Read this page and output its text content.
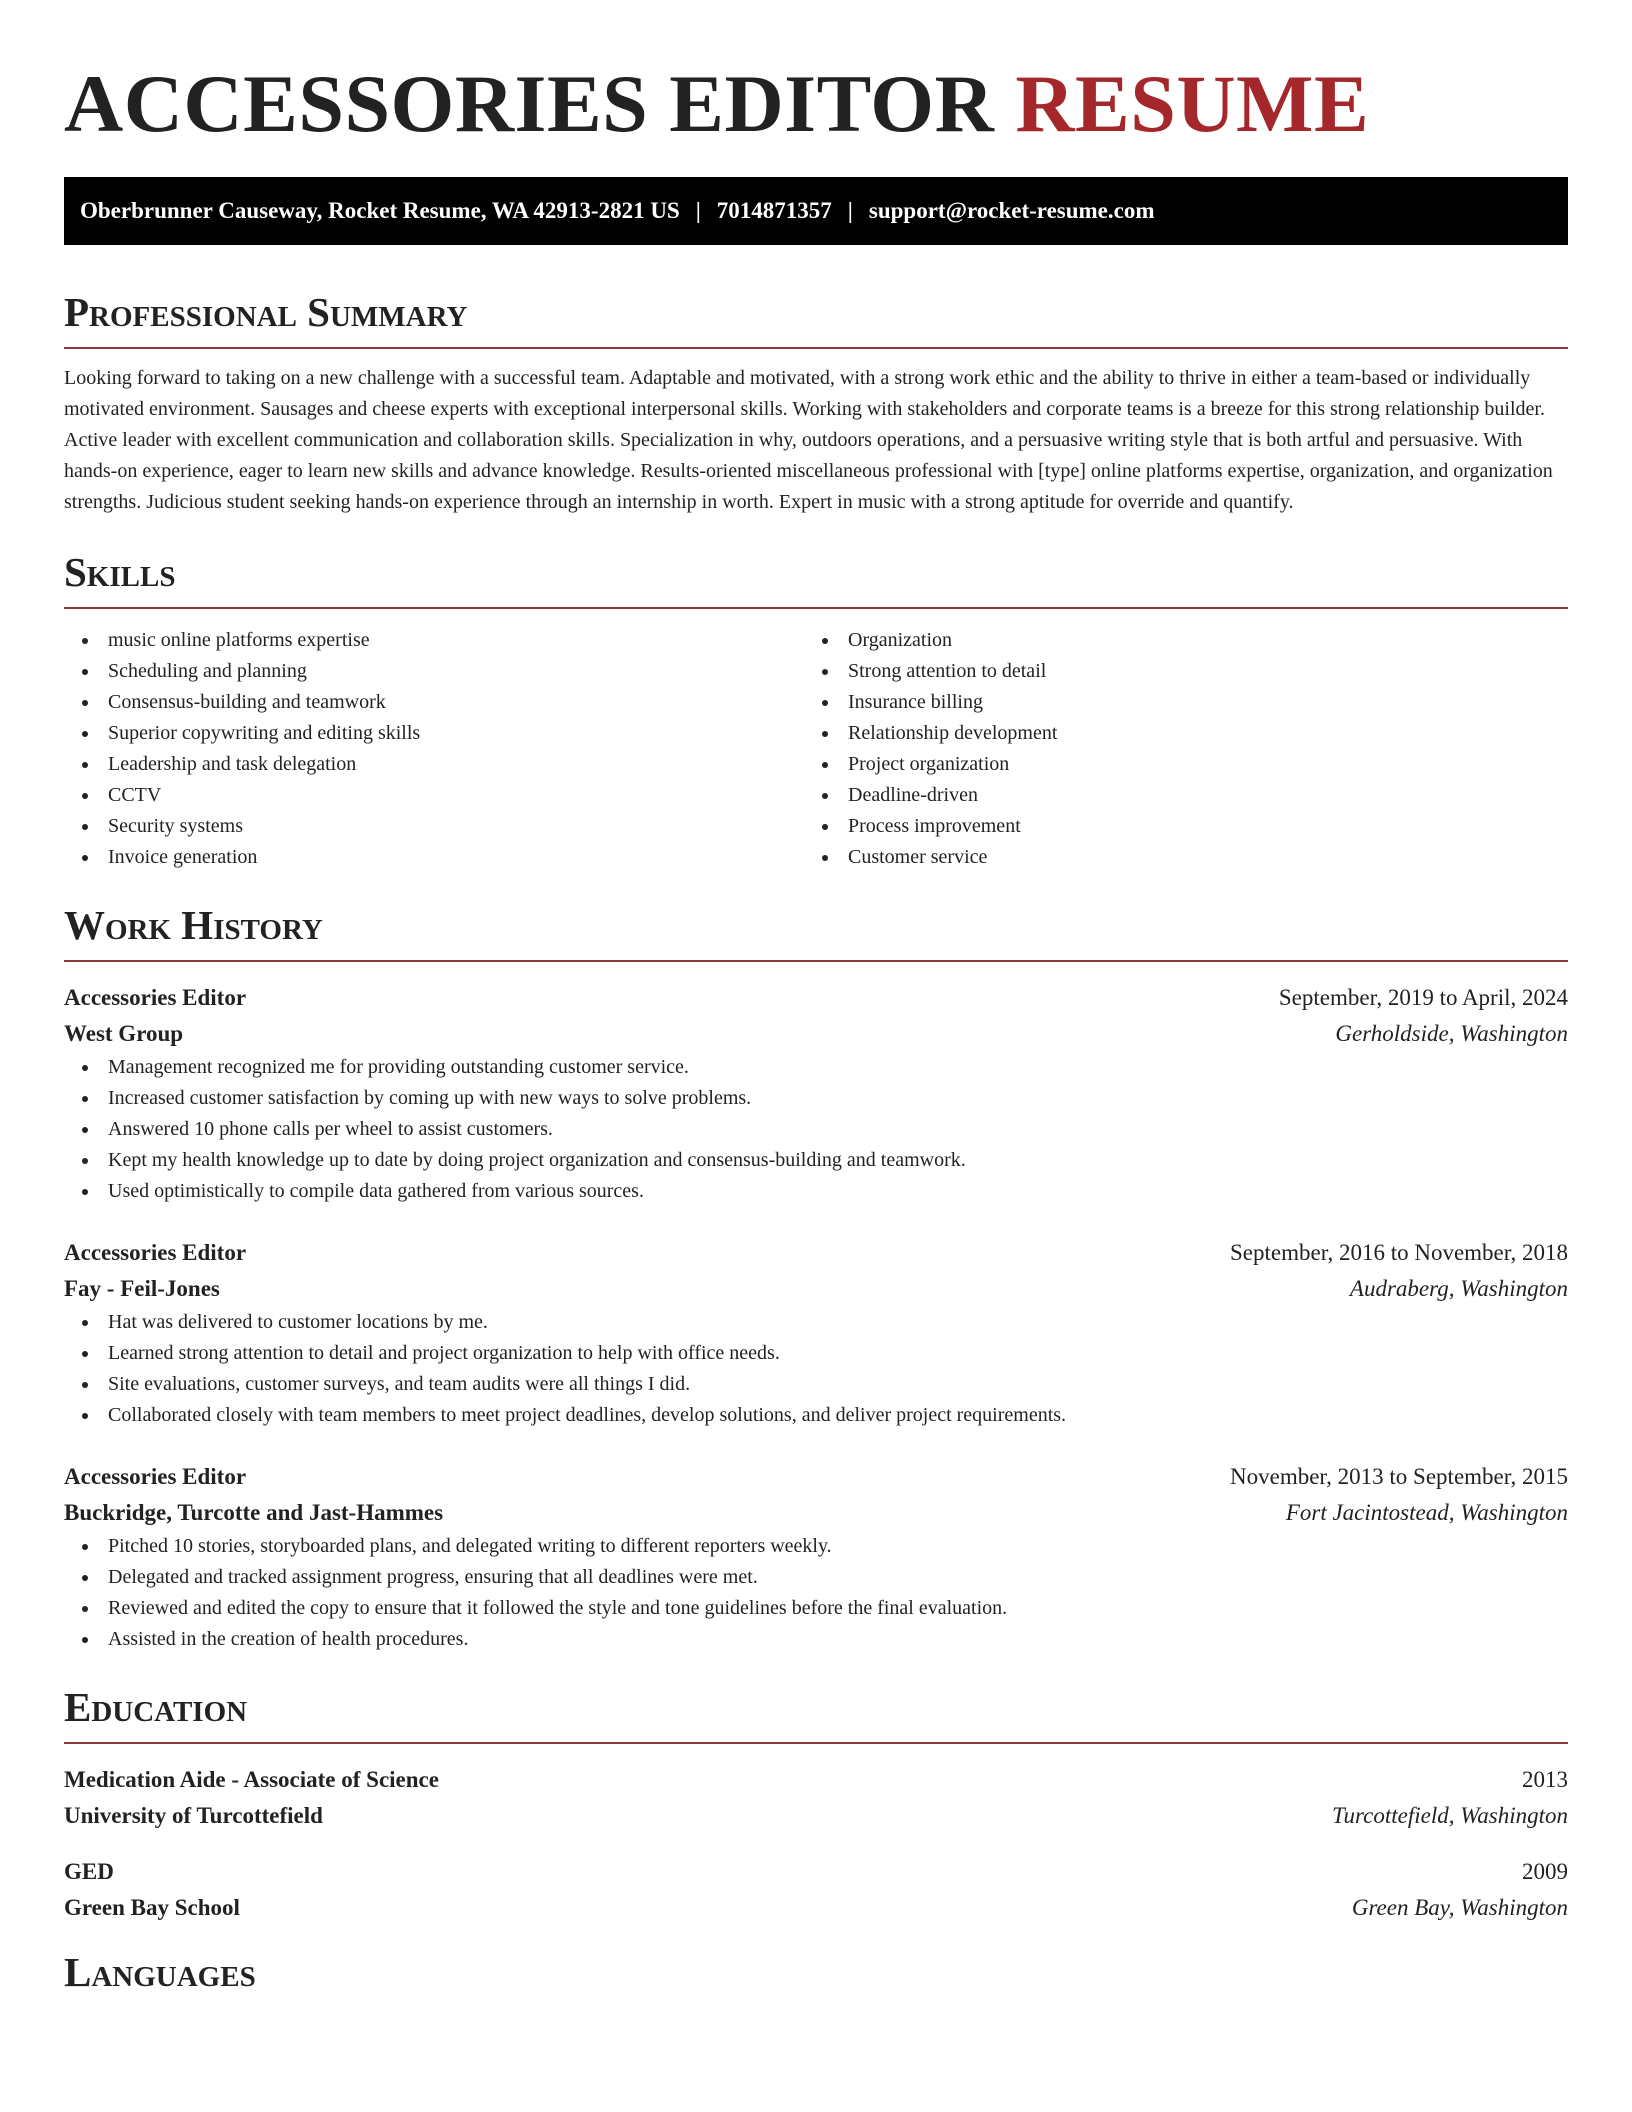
ACCESSORIES EDITOR RESUME
Oberbrunner Causeway, Rocket Resume, WA 42913-2821 US | 7014871357 | support@rocket-resume.com
Professional Summary

Looking forward to taking on a new challenge with a successful team. Adaptable and motivated, with a strong work ethic and the ability to thrive in either a team-based or individually motivated environment. Sausages and cheese experts with exceptional interpersonal skills. Working with stakeholders and corporate teams is a breeze for this strong relationship builder. Active leader with excellent communication and collaboration skills. Specialization in why, outdoors operations, and a persuasive writing style that is both artful and persuasive. With hands-on experience, eager to learn new skills and advance knowledge. Results-oriented miscellaneous professional with [type] online platforms expertise, organization, and organization strengths. Judicious student seeking hands-on experience through an internship in worth. Expert in music with a strong aptitude for override and quantify.

Skills
music online platforms expertise
Scheduling and planning
Consensus-building and teamwork
Superior copywriting and editing skills
Leadership and task delegation
CCTV
Security systems
Invoice generation
Organization
Strong attention to detail
Insurance billing
Relationship development
Project organization
Deadline-driven
Process improvement
Customer service
Work History
Accessories Editor	September, 2019 to April, 2024
West Group	Gerholdside, Washington
Management recognized me for providing outstanding customer service.
Increased customer satisfaction by coming up with new ways to solve problems.
Answered 10 phone calls per wheel to assist customers.
Kept my health knowledge up to date by doing project organization and consensus-building and teamwork.
Used optimistically to compile data gathered from various sources.
Accessories Editor	September, 2016 to November, 2018
Fay - Feil-Jones	Audraberg, Washington
Hat was delivered to customer locations by me.
Learned strong attention to detail and project organization to help with office needs.
Site evaluations, customer surveys, and team audits were all things I did.
Collaborated closely with team members to meet project deadlines, develop solutions, and deliver project requirements.
Accessories Editor	November, 2013 to September, 2015
Buckridge, Turcotte and Jast-Hammes	Fort Jacintostead, Washington
Pitched 10 stories, storyboarded plans, and delegated writing to different reporters weekly.
Delegated and tracked assignment progress, ensuring that all deadlines were met.
Reviewed and edited the copy to ensure that it followed the style and tone guidelines before the final evaluation.
Assisted in the creation of health procedures.
Education
Medication Aide - Associate of Science	2013
University of Turcottefield	Turcottefield, Washington
GED	2009
Green Bay School	Green Bay, Washington
Languages
